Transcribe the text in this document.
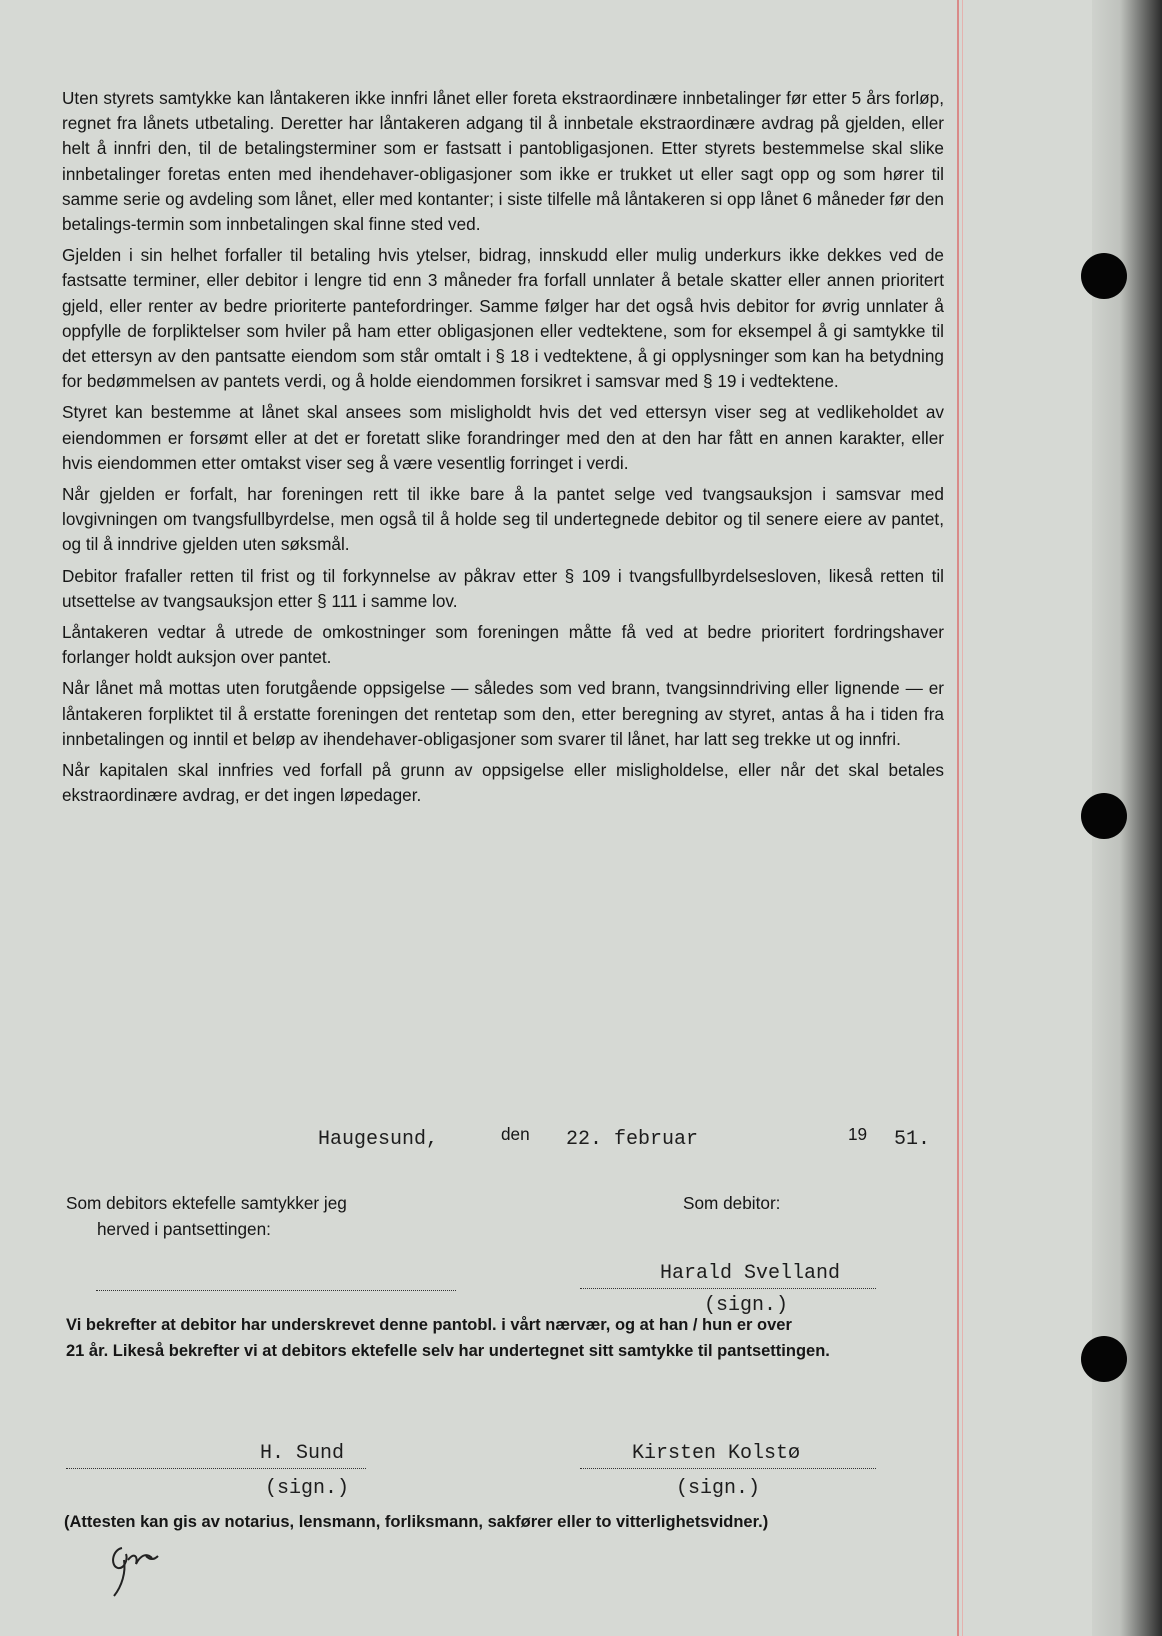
Uten styrets samtykke kan låntakeren ikke innfri lånet eller foreta ekstraordinære innbetalinger før etter 5 års forløp, regnet fra lånets utbetaling. Deretter har låntakeren adgang til å innbetale ekstraordinære avdrag på gjelden, eller helt å innfri den, til de betalingsterminer som er fastsatt i pantobligasjonen. Etter styrets bestemmelse skal slike innbetalinger foretas enten med ihendehaver-obligasjoner som ikke er trukket ut eller sagt opp og som hører til samme serie og avdeling som lånet, eller med kontanter; i siste tilfelle må låntakeren si opp lånet 6 måneder før den betalings-termin som innbetalingen skal finne sted ved.

Gjelden i sin helhet forfaller til betaling hvis ytelser, bidrag, innskudd eller mulig underkurs ikke dekkes ved de fastsatte terminer, eller debitor i lengre tid enn 3 måneder fra forfall unnlater å betale skatter eller annen prioritert gjeld, eller renter av bedre prioriterte pantefordringer. Samme følger har det også hvis debitor for øvrig unnlater å oppfylle de forpliktelser som hviler på ham etter obligasjonen eller vedtektene, som for eksempel å gi samtykke til det ettersyn av den pantsatte eiendom som står omtalt i § 18 i vedtektene, å gi opplysninger som kan ha betydning for bedømmelsen av pantets verdi, og å holde eiendommen forsikret i samsvar med § 19 i vedtektene.

Styret kan bestemme at lånet skal ansees som misligholdt hvis det ved ettersyn viser seg at vedlikeholdet av eiendommen er forsømt eller at det er foretatt slike forandringer med den at den har fått en annen karakter, eller hvis eiendommen etter omtakst viser seg å være vesentlig forringet i verdi.

Når gjelden er forfalt, har foreningen rett til ikke bare å la pantet selge ved tvangsauksjon i samsvar med lovgivningen om tvangsfullbyrdelse, men også til å holde seg til undertegnede debitor og til senere eiere av pantet, og til å inndrive gjelden uten søksmål.

Debitor frafaller retten til frist og til forkynnelse av påkrav etter § 109 i tvangsfullbyrdelsesloven, likeså retten til utsettelse av tvangsauksjon etter § 111 i samme lov.

Låntakeren vedtar å utrede de omkostninger som foreningen måtte få ved at bedre prioritert fordringshaver forlanger holdt auksjon over pantet.

Når lånet må mottas uten forutgående oppsigelse — således som ved brann, tvangsinndriving eller lignende — er låntakeren forpliktet til å erstatte foreningen det rentetap som den, etter beregning av styret, antas å ha i tiden fra innbetalingen og inntil et beløp av ihendehaver-obligasjoner som svarer til lånet, har latt seg trekke ut og innfri.

Når kapitalen skal innfries ved forfall på grunn av oppsigelse eller misligholdelse, eller når det skal betales ekstraordinære avdrag, er det ingen løpedager.

Haugesund,	den 22. februar	19 51.
Som debitors ektefelle samtykker jeg
herved i pantsettingen:
Som debitor:
Harald Svelland
(sign.)
Vi bekrefter at debitor har underskrevet denne pantobl. i vårt nærvær, og at han / hun er over
21 år. Likeså bekrefter vi at debitors ektefelle selv har undertegnet sitt samtykke til pantsettingen.
H. Sund
(sign.)
Kirsten Kolstø
(sign.)
(Attesten kan gis av notarius, lensmann, forliksmann, sakfører eller to vitterlighetsvidner.)
